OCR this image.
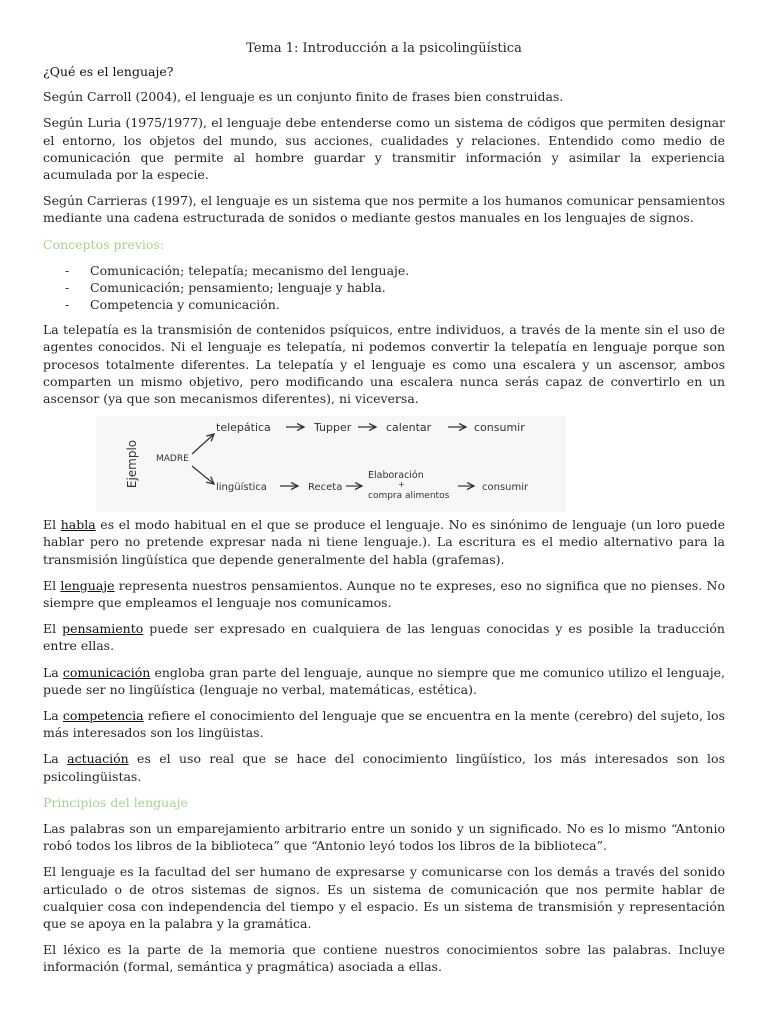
Tema 1: Introducción a la psicolingüística

¿Qué es el lenguaje?

Según Carroll (2004), el lenguaje es un conjunto finito de frases bien construidas.

Según Luria (1975/1977), el lenguaje debe entenderse como un sistema de códigos que permiten designar el entorno, los objetos del mundo, sus acciones, cualidades y relaciones. Entendido como medio de comunicación que permite al hombre guardar y transmitir información y asimilar la experiencia acumulada por la especie.

Según Carrieras (1997), el lenguaje es un sistema que nos permite a los humanos comunicar pensamientos mediante una cadena estructurada de sonidos o mediante gestos manuales en los lenguajes de signos.

Conceptos previos:
- Comunicación; telepatía; mecanismo del lenguaje.
- Comunicación; pensamiento; lenguaje y habla.
- Competencia y comunicación.

La telepatía es la transmisión de contenidos psíquicos, entre individuos, a través de la mente sin el uso de agentes conocidos. Ni el lenguaje es telepatía, ni podemos convertir la telepatía en lenguaje porque son procesos totalmente diferentes. La telepatía y el lenguaje es como una escalera y un ascensor, ambos comparten un mismo objetivo, pero modificando una escalera nunca serás capaz de convertirlo en un ascensor (ya que son mecanismos diferentes), ni viceversa.

Ejemplo MADRE
telepática	Tupper	calentar	consumir
lingüística	Receta
Elaboración
+
compra alimentos
consumir

El habla es el modo habitual en el que se produce el lenguaje. No es sinónimo de lenguaje (un loro puede hablar pero no pretende expresar nada ni tiene lenguaje.). La escritura es el medio alternativo para la transmisión lingüística que depende generalmente del habla (grafemas).

El lenguaje representa nuestros pensamientos. Aunque no te expreses, eso no significa que no pienses. No siempre que empleamos el lenguaje nos comunicamos.

El pensamiento puede ser expresado en cualquiera de las lenguas conocidas y es posible la traducción entre ellas.

La comunicación engloba gran parte del lenguaje, aunque no siempre que me comunico utilizo el lenguaje, puede ser no lingüística (lenguaje no verbal, matemáticas, estética).

La competencia refiere el conocimiento del lenguaje que se encuentra en la mente (cerebro) del sujeto, los más interesados son los lingüistas.

La actuación es el uso real que se hace del conocimiento lingüístico, los más interesados son los psicolingüistas.

Principios del lenguaje

Las palabras son un emparejamiento arbitrario entre un sonido y un significado. No es lo mismo “Antonio robó todos los libros de la biblioteca” que “Antonio leyó todos los libros de la biblioteca”.

El lenguaje es la facultad del ser humano de expresarse y comunicarse con los demás a través del sonido articulado o de otros sistemas de signos. Es un sistema de comunicación que nos permite hablar de cualquier cosa con independencia del tiempo y el espacio. Es un sistema de transmisión y representación que se apoya en la palabra y la gramática.

El léxico es la parte de la memoria que contiene nuestros conocimientos sobre las palabras. Incluye información (formal, semántica y pragmática) asociada a ellas.
